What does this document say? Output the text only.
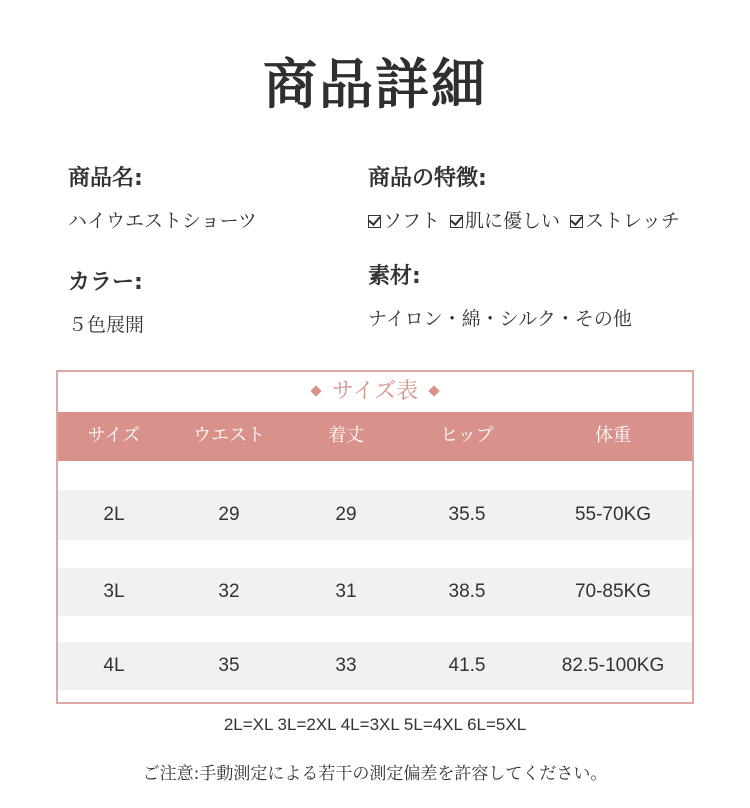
商品詳細
商品名:
ハイウエストショーツ
商品の特徴:
ソフト 肌に優しい ストレッチ
カラー:
５色展開
素材:
ナイロン・綿・シルク・その他
サイズ表
サイズ	ウエスト	着丈	ヒップ	体重
2L	29	29	35.5	55-70KG
3L	32	31	38.5	70-85KG
4L	35	33	41.5	82.5-100KG
2L=XL 3L=2XL 4L=3XL 5L=4XL 6L=5XL
ご注意:手動測定による若干の測定偏差を許容してください。
